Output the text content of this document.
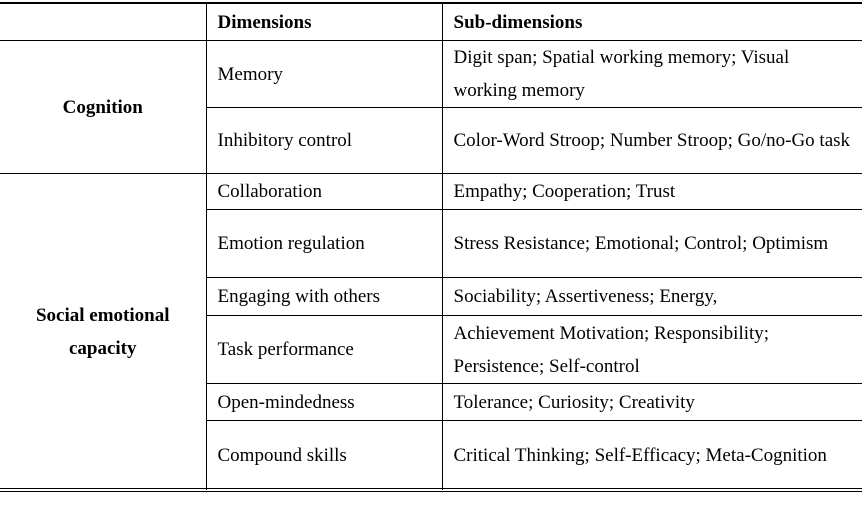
	Dimensions	Sub-dimensions
Cognition	Memory	Digit span; Spatial working memory; Visual working memory
	Inhibitory control	Color-Word Stroop; Number Stroop; Go/no-Go task
Social emotional capacity	Collaboration	Empathy; Cooperation; Trust
	Emotion regulation	Stress Resistance; Emotional; Control; Optimism
	Engaging with others	Sociability; Assertiveness; Energy,
	Task performance	Achievement Motivation; Responsibility; Persistence; Self-control
	Open-mindedness	Tolerance; Curiosity; Creativity
	Compound skills	Critical Thinking; Self-Efficacy; Meta-Cognition
